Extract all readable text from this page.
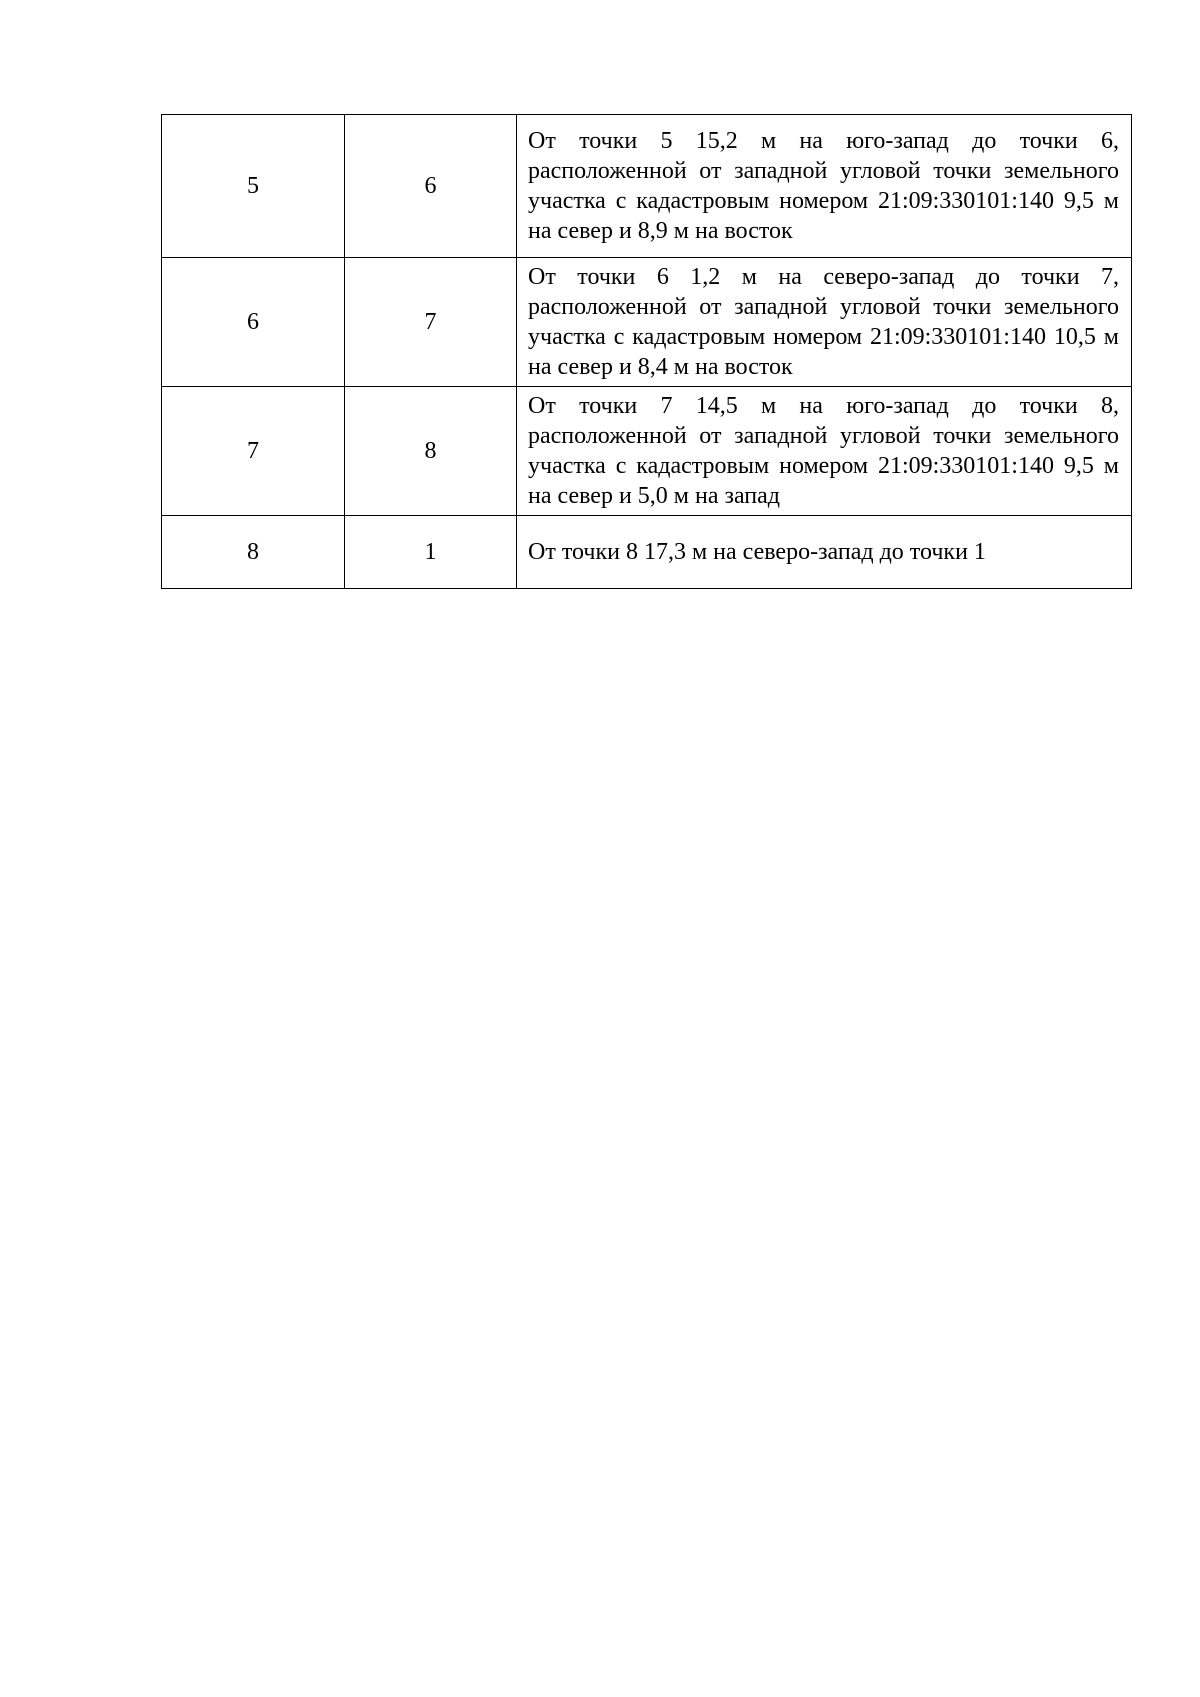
5	6	От точки 5 15,2 м на юго-запад до точки 6, расположенной от западной угловой точки земельного участка с кадастровым номером 21:09:330101:140 9,5 м на север и 8,9 м на восток

6	7	От точки 6 1,2 м на северо-запад до точки 7, расположенной от западной угловой точки земельного участка с кадастровым номером 21:09:330101:140 10,5 м на север и 8,4 м на восток

7	8	От точки 7 14,5 м на юго-запад до точки 8, расположенной от западной угловой точки земельного участка с кадастровым номером 21:09:330101:140 9,5 м на север и 5,0 м на запад

8	1	От точки 8 17,3 м на северо-запад до точки 1
